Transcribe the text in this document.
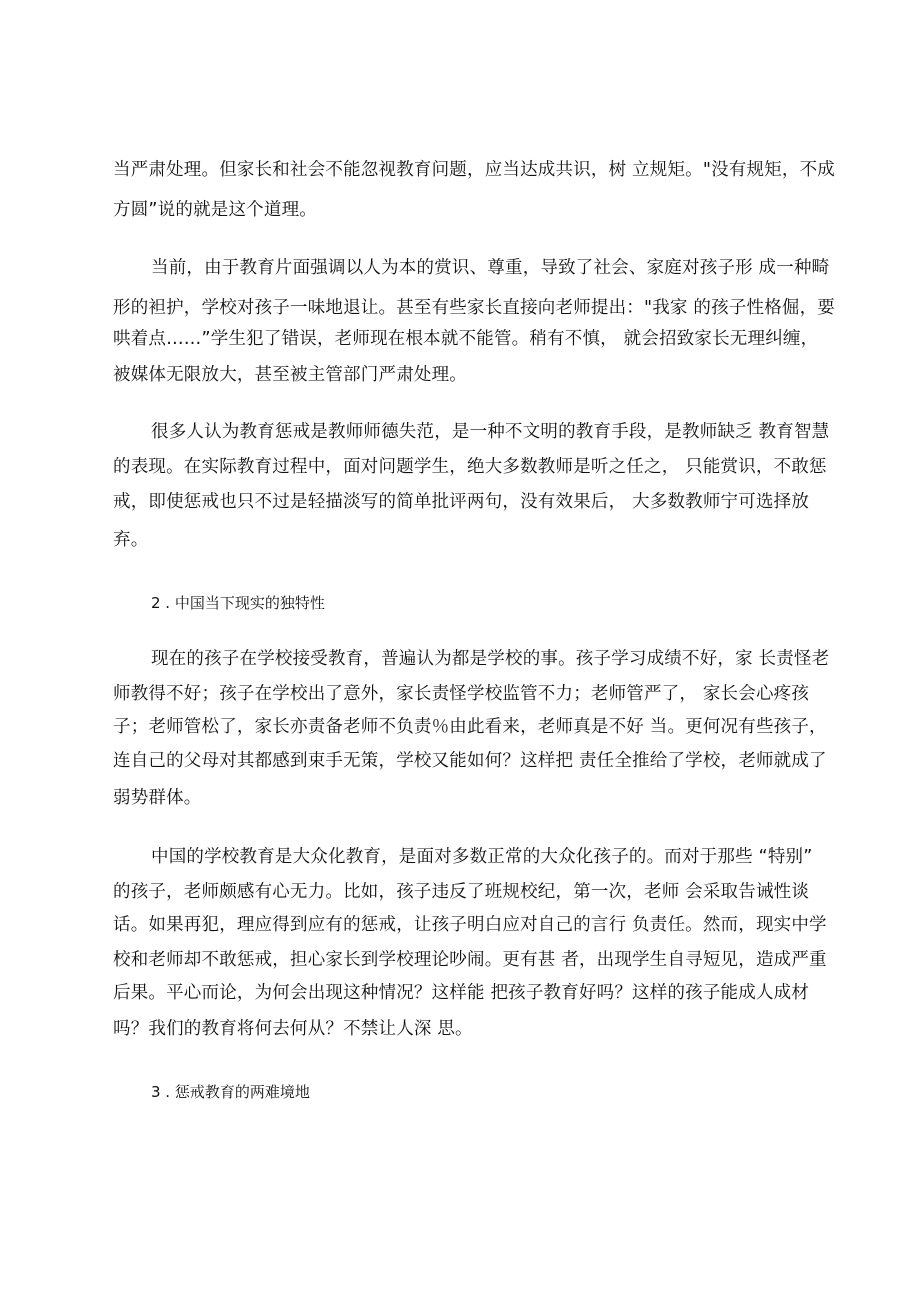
当严肃处理。但家长和社会不能忽视教育问题，应当达成共识，树 立规矩。"没有规矩，不成
方圆”说的就是这个道理。
当前，由于教育片面强调以人为本的赏识、尊重，导致了社会、家庭对孩子形 成一种畸
形的袒护，学校对孩子一味地退让。甚至有些家长直接向老师提出："我家 的孩子性格倔，要
哄着点……”学生犯了错误，老师现在根本就不能管。稍有不慎， 就会招致家长无理纠缠，
被媒体无限放大，甚至被主管部门严肃处理。
很多人认为教育惩戒是教师师德失范，是一种不文明的教育手段，是教师缺乏 教育智慧
的表现。在实际教育过程中，面对问题学生，绝大多数教师是听之任之， 只能赏识，不敢惩
戒，即使惩戒也只不过是轻描淡写的简单批评两句，没有效果后， 大多数教师宁可选择放
弃。
2 . 中国当下现实的独特性
现在的孩子在学校接受教育，普遍认为都是学校的事。孩子学习成绩不好，家 长责怪老
师教得不好；孩子在学校出了意外，家长责怪学校监管不力；老师管严了， 家长会心疼孩
子；老师管松了，家长亦责备老师不负责％由此看来，老师真是不好 当。更何况有些孩子，
连自己的父母对其都感到束手无策，学校又能如何？这样把 责任全推给了学校，老师就成了
弱势群体。
中国的学校教育是大众化教育，是面对多数正常的大众化孩子的。而对于那些 “特别”
的孩子，老师颇感有心无力。比如，孩子违反了班规校纪，第一次，老师 会采取告诫性谈
话。如果再犯，理应得到应有的惩戒，让孩子明白应对自己的言行 负责任。然而，现实中学
校和老师却不敢惩戒，担心家长到学校理论吵闹。更有甚 者，出现学生自寻短见，造成严重
后果。平心而论，为何会出现这种情况？这样能 把孩子教育好吗？这样的孩子能成人成材
吗？我们的教育将何去何从？不禁让人深 思。
3 . 惩戒教育的两难境地
